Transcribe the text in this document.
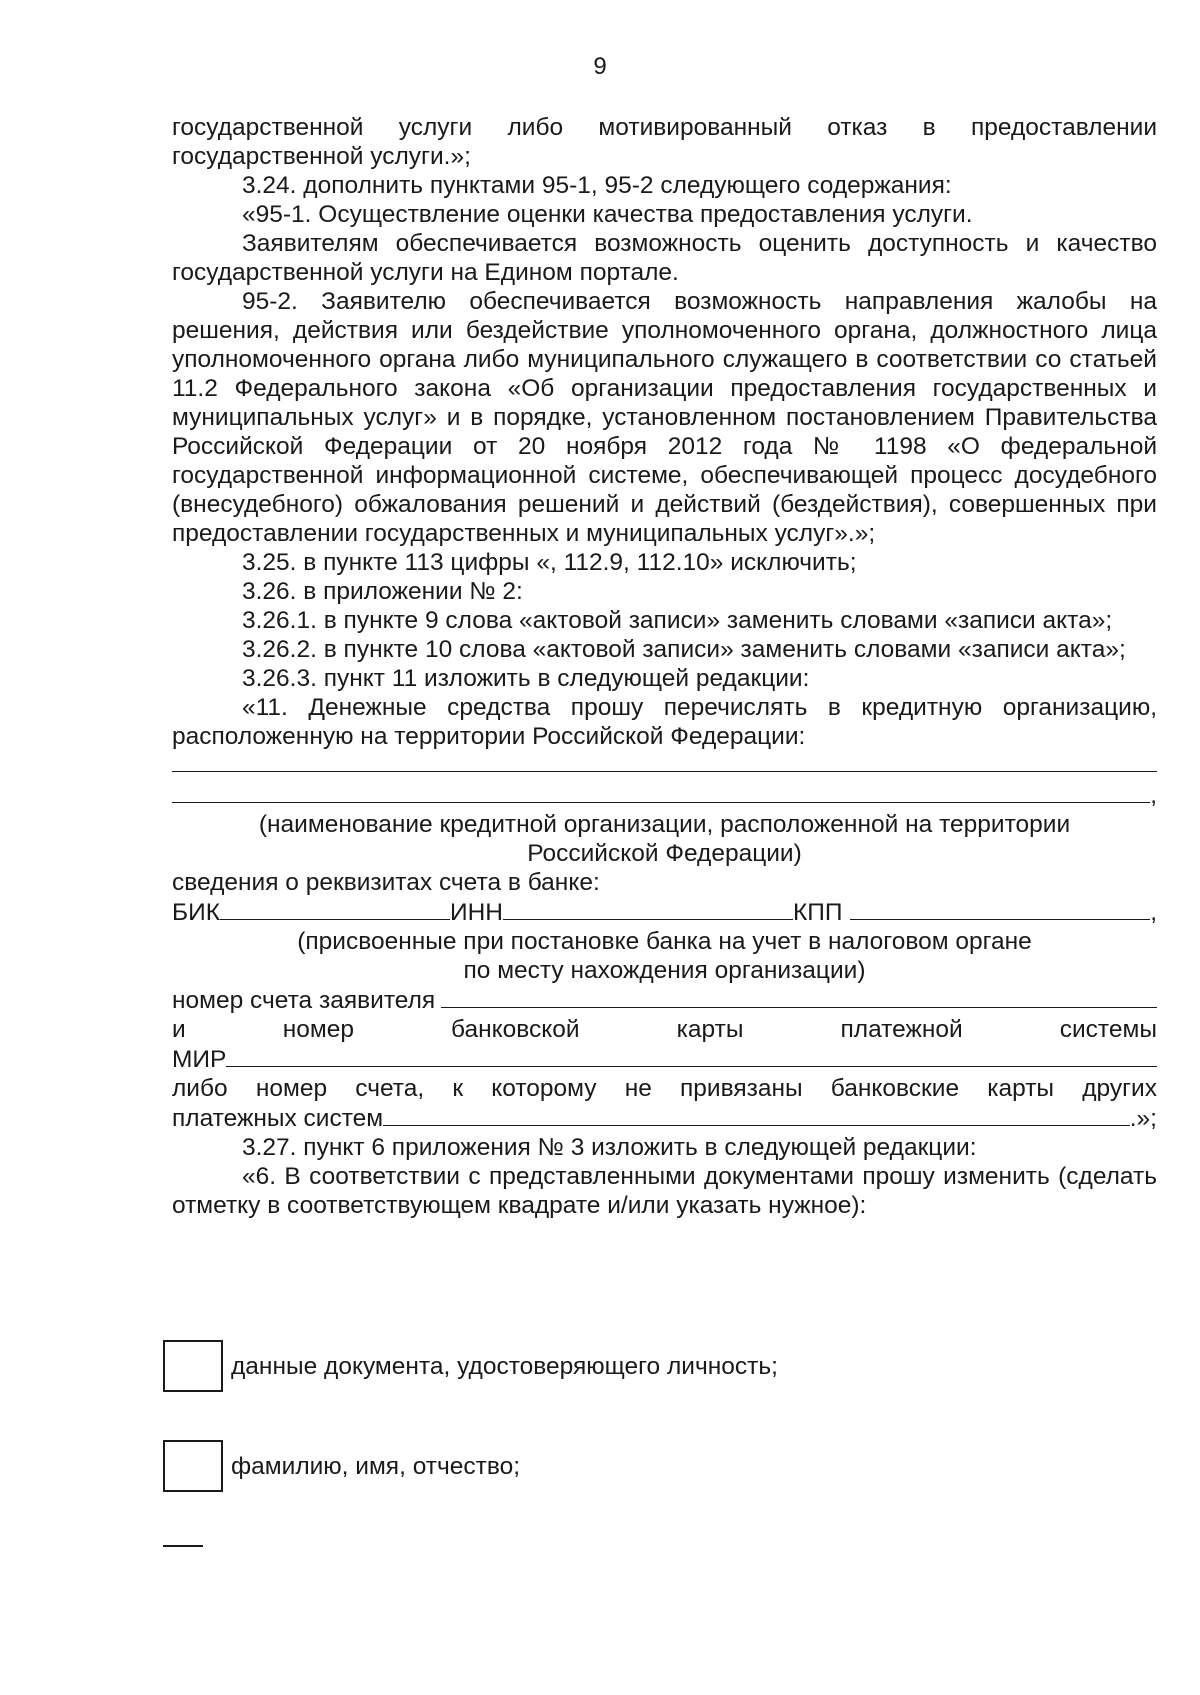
9

государственной услуги либо мотивированный отказ в предоставлении государственной услуги.»;

3.24. дополнить пунктами 95-1, 95-2 следующего содержания:

«95-1. Осуществление оценки качества предоставления услуги.

Заявителям обеспечивается возможность оценить доступность и качество государственной услуги на Едином портале.

95-2. Заявителю обеспечивается возможность направления жалобы на решения, действия или бездействие уполномоченного органа, должностного лица уполномоченного органа либо муниципального служащего в соответствии со статьей 11.2 Федерального закона «Об организации предоставления государственных и муниципальных услуг» и в порядке, установленном постановлением Правительства Российской Федерации от 20 ноября 2012 года № 1198 «О федеральной государственной информационной системе, обеспечивающей процесс досудебного (внесудебного) обжалования решений и действий (бездействия), совершенных при предоставлении государственных и муниципальных услуг».»;

3.25. в пункте 113 цифры «, 112.9, 112.10» исключить;

3.26. в приложении № 2:

3.26.1. в пункте 9 слова «актовой записи» заменить словами «записи акта»;

3.26.2. в пункте 10 слова «актовой записи» заменить словами «записи акта»;

3.26.3. пункт 11 изложить в следующей редакции:

«11. Денежные средства прошу перечислять в кредитную организацию, расположенную на территории Российской Федерации:

,

(наименование кредитной организации, расположенной на территории

Российской Федерации)

сведения о реквизитах счета в банке:

БИК	ИНН	КПП	,

(присвоенные при постановке банка на учет в налоговом органе

по месту нахождения организации)

номер счета заявителя
и	номер	банковской	карты	платежной	системы
МИР

либо номер счета, к которому не привязаны банковские карты других

платежных систем	.»;

3.27. пункт 6 приложения № 3 изложить в следующей редакции:

«6. В соответствии с представленными документами прошу изменить (сделать отметку в соответствующем квадрате и/или указать нужное):

данные документа, удостоверяющего личность;
фамилию, имя, отчество;
